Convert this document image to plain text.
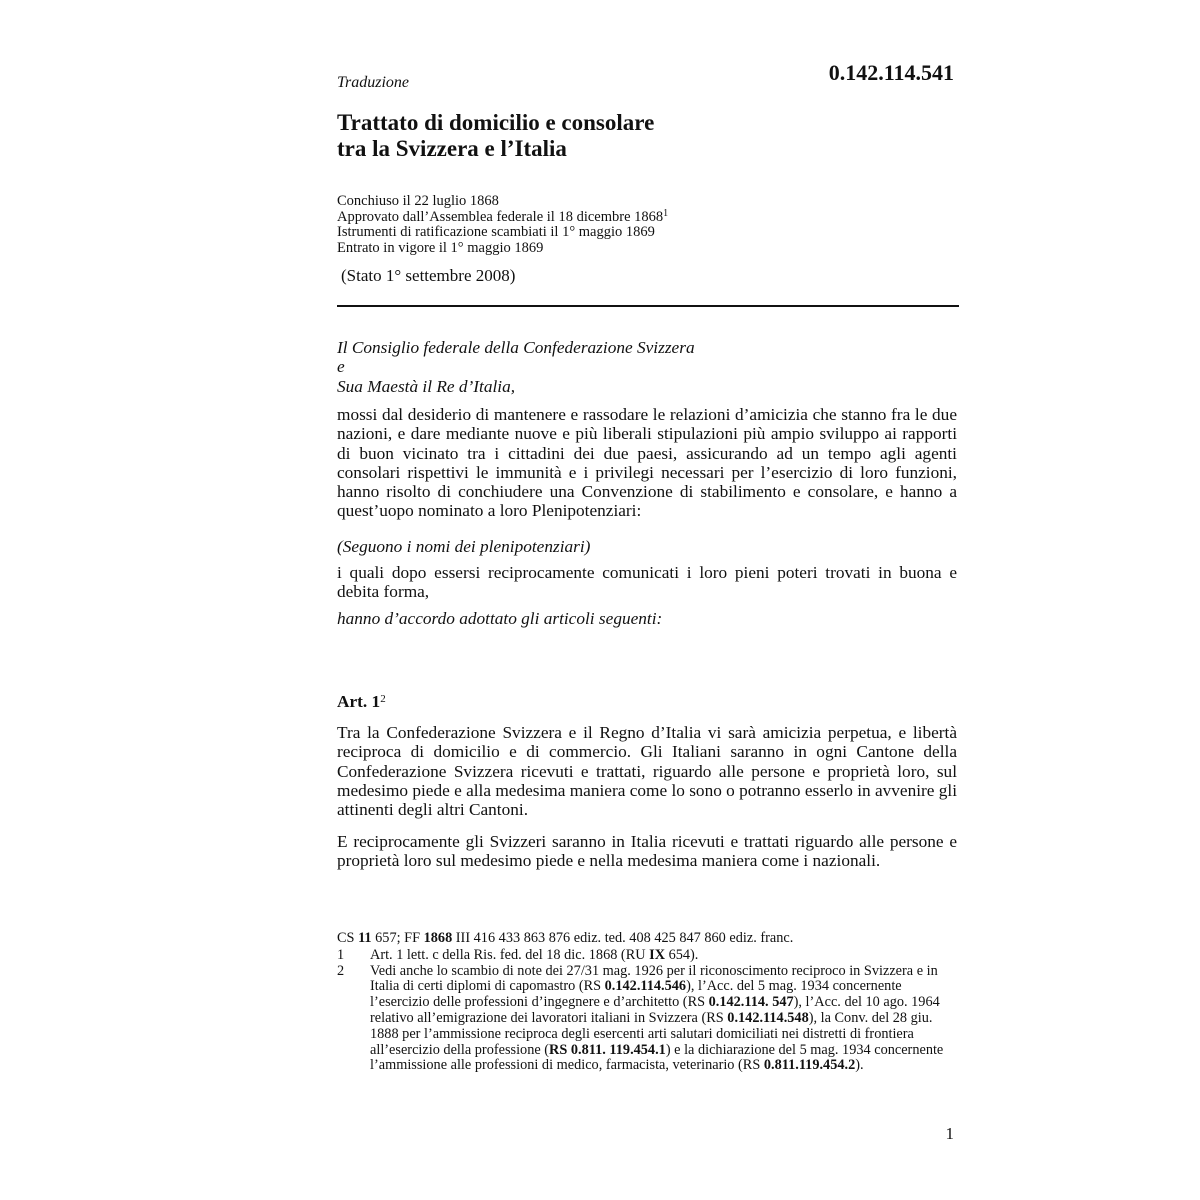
Traduzione	0.142.114.541
Trattato di domicilio e consolare
tra la Svizzera e l’Italia
Conchiuso il 22 luglio 1868
Approvato dall’Assemblea federale il 18 dicembre 1868$^1$
Istrumenti di ratificazione scambiati il 1° maggio 1869
Entrato in vigore il 1° maggio 1869
(Stato 1° settembre 2008)
Il Consiglio federale della Confederazione Svizzera
e
Sua Maestà il Re d’Italia,
mossi dal desiderio di mantenere e rassodare le relazioni d’amicizia che stanno fra le due nazioni, e dare mediante nuove e più liberali stipulazioni più ampio sviluppo ai rapporti di buon vicinato tra i cittadini dei due paesi, assicurando ad un tempo agli agenti consolari rispettivi le immunità e i privilegi necessari per l’esercizio di loro funzioni, hanno risolto di conchiudere una Convenzione di stabilimento e consolare, e hanno a quest’uopo nominato a loro Plenipotenziari:
(Seguono i nomi dei plenipotenziari)
i quali dopo essersi reciprocamente comunicati i loro pieni poteri trovati in buona e debita forma,
hanno d’accordo adottato gli articoli seguenti:
Art. $1^2$
Tra la Confederazione Svizzera e il Regno d’Italia vi sarà amicizia perpetua, e libertà reciproca di domicilio e di commercio. Gli Italiani saranno in ogni Cantone della Confederazione Svizzera ricevuti e trattati, riguardo alle persone e proprietà loro, sul medesimo piede e alla medesima maniera come lo sono o potranno esserlo in avvenire gli attinenti degli altri Cantoni.
E reciprocamente gli Svizzeri saranno in Italia ricevuti e trattati riguardo alle persone e proprietà loro sul medesimo piede e nella medesima maniera come i nazionali.
CS 11 657; FF 1868 III 416 433 863 876 ediz. ted. 408 425 847 860 ediz. franc.
1	Art. 1 lett. c della Ris. fed. del 18 dic. 1868 (RU IX 654).
2	Vedi anche lo scambio di note dei 27/31 mag. 1926 per il riconoscimento reciproco in Svizzera e in Italia di certi diplomi di capomastro (RS 0.142.114.546), l’Acc. del 5 mag. 1934 concernente l’esercizio delle professioni d’ingegnere e d’architetto (RS 0.142.114. 547), l’Acc. del 10 ago. 1964 relativo all’emigrazione dei lavoratori italiani in Svizzera (RS 0.142.114.548), la Conv. del 28 giu. 1888 per l’ammissione reciproca degli esercenti arti salutari domiciliati nei distretti di frontiera all’esercizio della professione (RS 0.811. 119.454.1) e la dichiarazione del 5 mag. 1934 concernente l’ammissione alle professioni di medico, farmacista, veterinario (RS 0.811.119.454.2).
1
